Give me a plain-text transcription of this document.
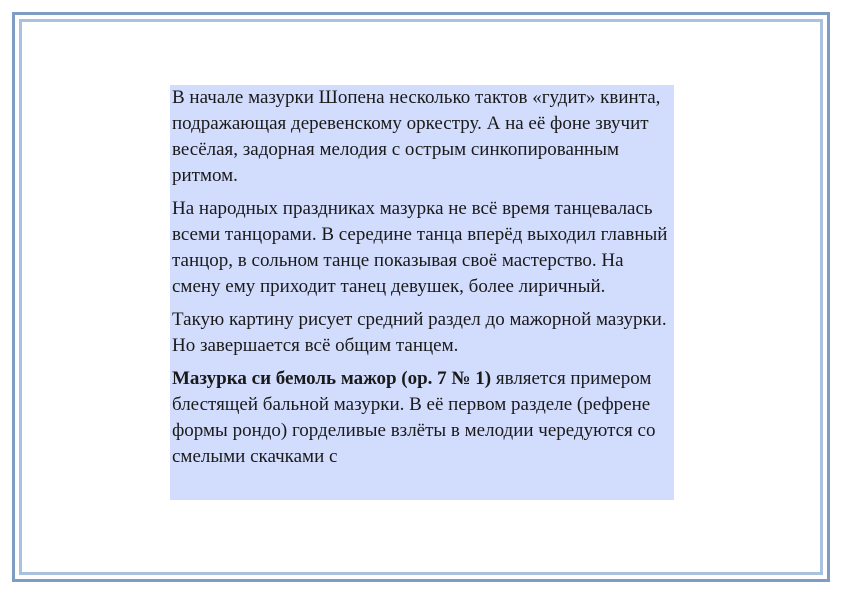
В начале мазурки Шопена несколько тактов «гудит» квинта, подражающая деревенскому оркестру. А на её фоне звучит весёлая, задорная мелодия с острым синкопированным ритмом.

На народных праздниках мазурка не всё время танцевалась всеми танцорами. В середине танца вперёд выходил главный танцор, в сольном танце показывая своё мастерство. На смену ему приходит танец девушек, более лиричный.

Такую картину рисует средний раздел до мажорной мазурки. Но завершается всё общим танцем.

Мазурка си бемоль мажор (ор. 7 № 1) является примером блестящей бальной мазурки. В её первом разделе (рефрене формы рондо) горделивые взлёты в мелодии чередуются со смелыми скачками с
